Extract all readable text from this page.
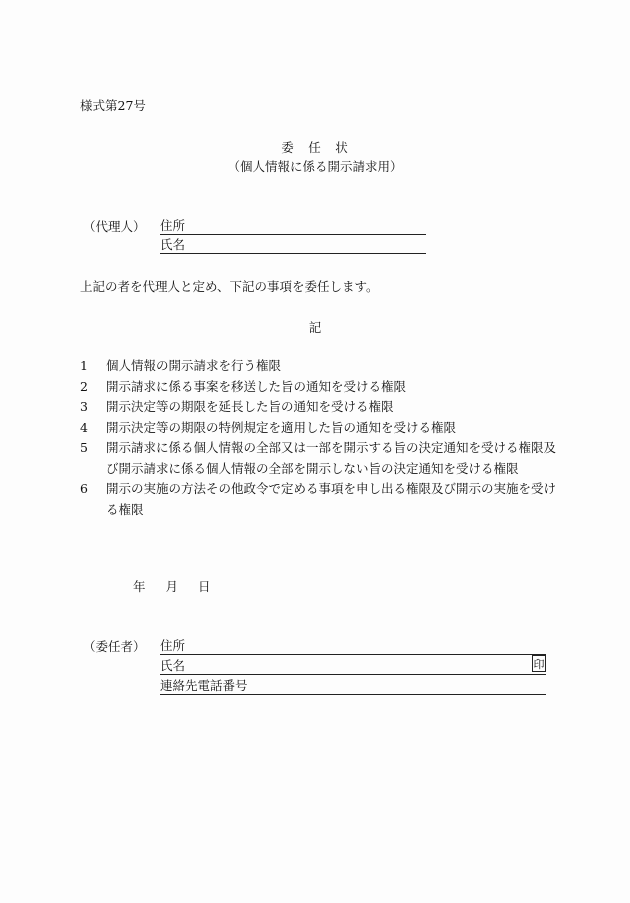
様式第27号
委　任　状
（個人情報に係る開示請求用）
（代理人） 住所
氏名
上記の者を代理人と定め、下記の事項を委任します。
記
1 個人情報の開示請求を行う権限
2 開示請求に係る事案を移送した旨の通知を受ける権限
3 開示決定等の期限を延長した旨の通知を受ける権限
4 開示決定等の期限の特例規定を適用した旨の通知を受ける権限
5 開示請求に係る個人情報の全部又は一部を開示する旨の決定通知を受ける権限及び開示請求に係る個人情報の全部を開示しない旨の決定通知を受ける権限
6 開示の実施の方法その他政令で定める事項を申し出る権限及び開示の実施を受ける権限
年 月 日
（委任者） 住所
氏名	印
連絡先電話番号
